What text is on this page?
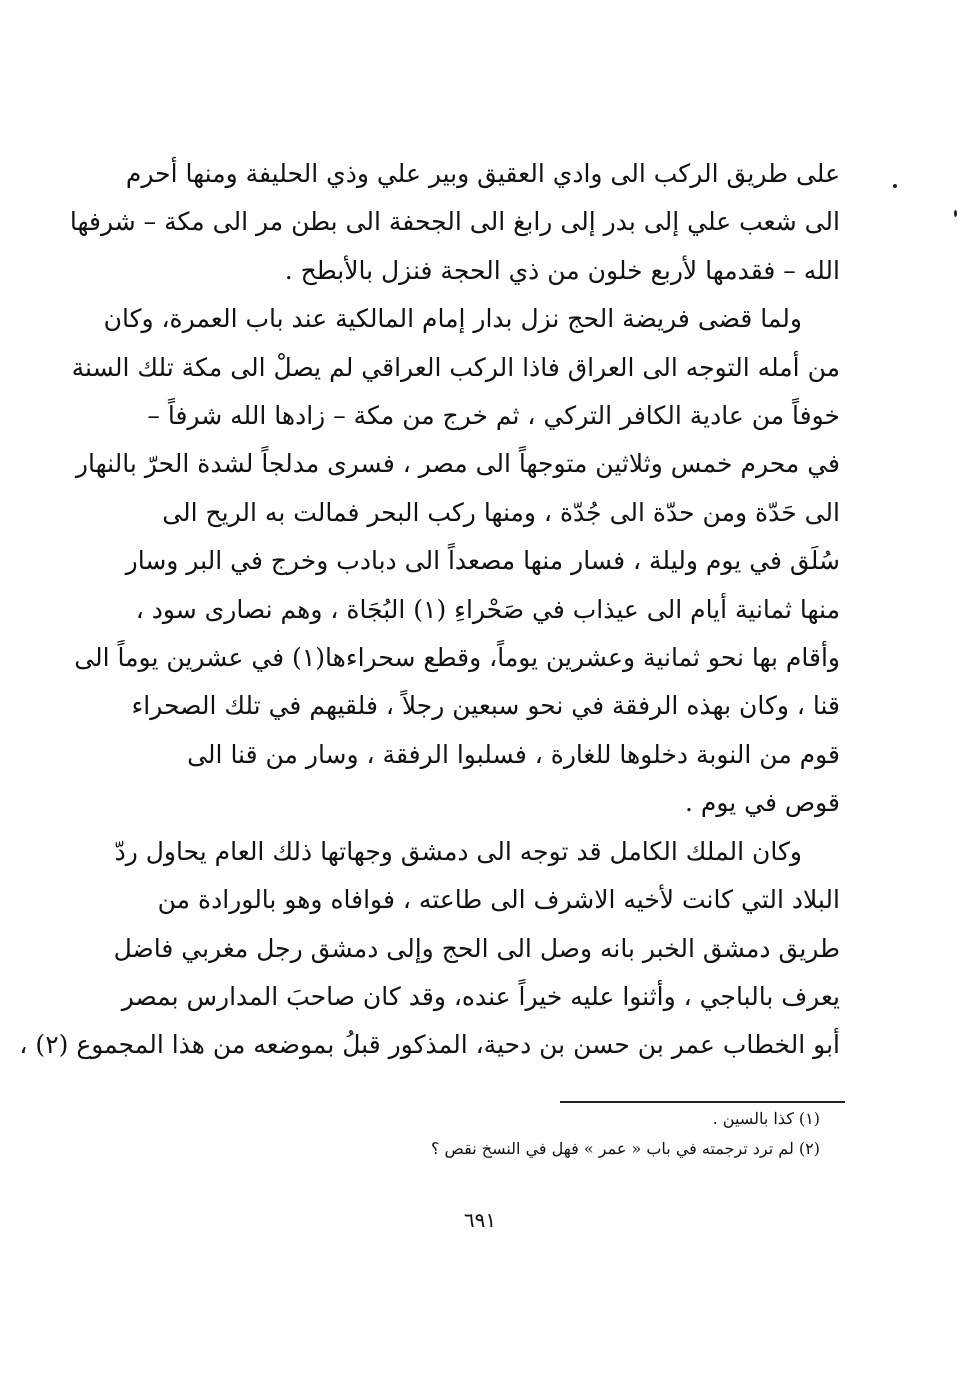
على طريق الركب الى وادي العقيق وبير علي وذي الحليفة ومنها أحرم
الى شعب علي إلى بدر إلى رابغ الى الجحفة الى بطن مر الى مكة – شرفها
الله – فقدمها لأربع خلون من ذي الحجة فنزل بالأبطح .
ولما قضى فريضة الحج نزل بدار إمام المالكية عند باب العمرة، وكان
من أمله التوجه الى العراق فاذا الركب العراقي لم يصلْ الى مكة تلك السنة
خوفاً من عادية الكافر التركي ، ثم خرج من مكة – زادها الله شرفاً –
في محرم خمس وثلاثين متوجهاً الى مصر ، فسرى مدلجاً لشدة الحرّ بالنهار
الى حَدّة ومن حدّة الى جُدّة ، ومنها ركب البحر فمالت به الريح الى
سُلَق في يوم وليلة ، فسار منها مصعداً الى دبادب وخرج في البر وسار
منها ثمانية أيام الى عيذاب في صَحْراءِ (١) البُجَاة ، وهم نصارى سود ،
وأقام بها نحو ثمانية وعشرين يوماً، وقطع سحراءها(١) في عشرين يوماً الى
قنا ، وكان بهذه الرفقة في نحو سبعين رجلاً ، فلقيهم في تلك الصحراء
قوم من النوبة دخلوها للغارة ، فسلبوا الرفقة ، وسار من قنا الى
قوص في يوم .
وكان الملك الكامل قد توجه الى دمشق وجهاتها ذلك العام يحاول ردّ
البلاد التي كانت لأخيه الاشرف الى طاعته ، فوافاه وهو بالورادة من
طريق دمشق الخبر بانه وصل الى الحج وإلى دمشق رجل مغربي فاضل
يعرف بالباجي ، وأثنوا عليه خيراً عنده، وقد كان صاحبَ المدارس بمصر
أبو الخطاب عمر بن حسن بن دحية، المذكور قبلُ بموضعه من هذا المجموع (٢) ،
(١) كذا بالسين .
(٢) لم ترد ترجمته في باب « عمر » فهل في النسخ نقص ؟
٦٩١
